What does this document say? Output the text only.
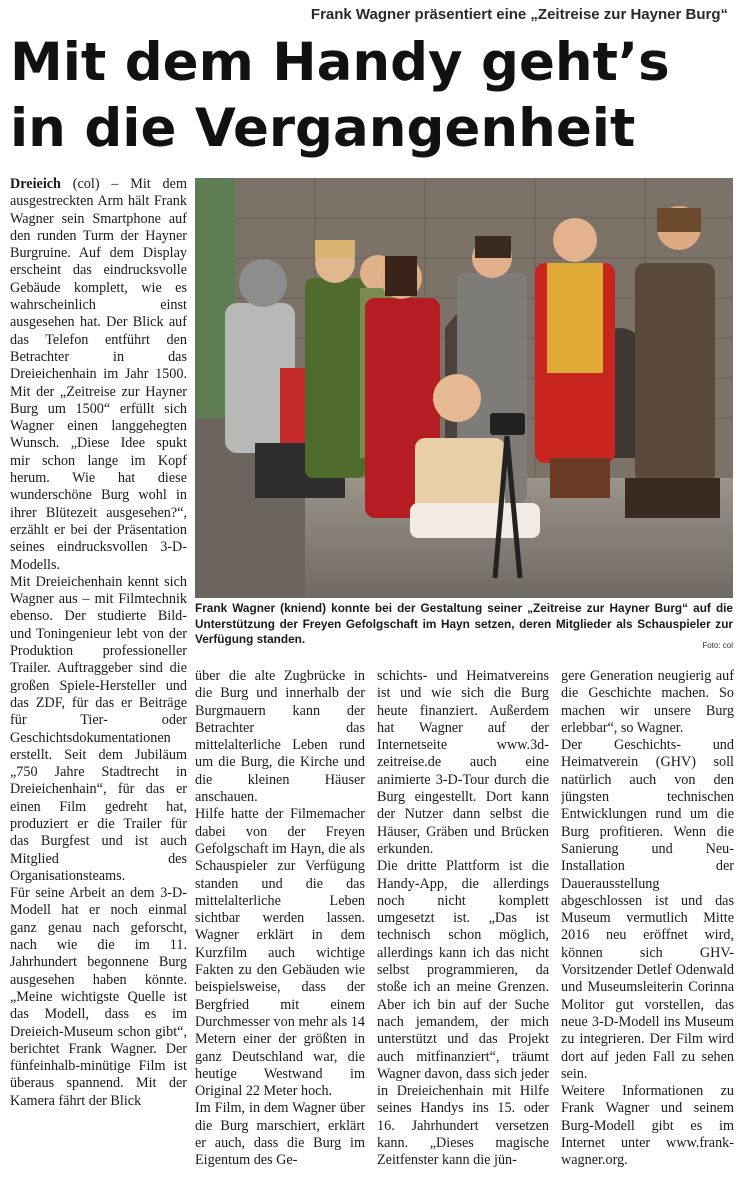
Frank Wagner präsentiert eine „Zeitreise zur Hayner Burg“
Mit dem Handy geht’s
in die Vergangenheit

Dreieich (col) – Mit dem ausgestreckten Arm hält Frank Wagner sein Smartphone auf den runden Turm der Hayner Burgruine. Auf dem Display erscheint das eindrucksvolle Gebäude komplett, wie es wahrscheinlich einst ausgesehen hat. Der Blick auf das Telefon entführt den Betrachter in das Dreieichenhain im Jahr 1500. Mit der „Zeitreise zur Hayner Burg um 1500“ erfüllt sich Wagner einen langgehegten Wunsch. „Diese Idee spukt mir schon lange im Kopf herum. Wie hat diese wunderschöne Burg wohl in ihrer Blütezeit ausgesehen?“, erzählt er bei der Präsentation seines eindrucksvollen 3-D-Modells.

Mit Dreieichenhain kennt sich Wagner aus – mit Filmtechnik ebenso. Der studierte Bild- und Toningenieur lebt von der Produktion professioneller Trailer. Auftraggeber sind die großen Spiele-Hersteller und das ZDF, für das er Beiträge für Tier- oder Geschichtsdokumentationen erstellt. Seit dem Jubiläum „750 Jahre Stadtrecht in Dreieichenhain“, für das er einen Film gedreht hat, produziert er die Trailer für das Burgfest und ist auch Mitglied des Organisationsteams.

Für seine Arbeit an dem 3-D-Modell hat er noch einmal ganz genau nach geforscht, nach wie die im 11. Jahrhundert begonnene Burg ausgesehen haben könnte. „Meine wichtigste Quelle ist das Modell, dass es im Dreieich-Museum schon gibt“, berichtet Frank Wagner. Der fünfeinhalb-minütige Film ist überaus spannend. Mit der Kamera fährt der Blick

Frank Wagner (kniend) konnte bei der Gestaltung seiner „Zeitreise zur Hayner Burg“ auf die Unterstützung der Freyen Gefolgschaft im Hayn setzen, deren Mitglieder als Schauspieler zur Verfügung standen.	Foto: col

über die alte Zugbrücke in die Burg und innerhalb der Burgmauern kann der Betrachter das mittelalterliche Leben rund um die Burg, die Kirche und die kleinen Häuser anschauen.

Hilfe hatte der Filmemacher dabei von der Freyen Gefolgschaft im Hayn, die als Schauspieler zur Verfügung standen und die das mittelalterliche Leben sichtbar werden lassen. Wagner erklärt in dem Kurzfilm auch wichtige Fakten zu den Gebäuden wie beispielsweise, dass der Bergfried mit einem Durchmesser von mehr als 14 Metern einer der größten in ganz Deutschland war, die heutige Westwand im Original 22 Meter hoch.

Im Film, in dem Wagner über die Burg marschiert, erklärt er auch, dass die Burg im Eigentum des Ge-

schichts- und Heimatvereins ist und wie sich die Burg heute finanziert. Außerdem hat Wagner auf der Internetseite www.3d-zeitreise.de auch eine animierte 3-D-Tour durch die Burg eingestellt. Dort kann der Nutzer dann selbst die Häuser, Gräben und Brücken erkunden.

Die dritte Plattform ist die Handy-App, die allerdings noch nicht komplett umgesetzt ist. „Das ist technisch schon möglich, allerdings kann ich das nicht selbst programmieren, da stoße ich an meine Grenzen. Aber ich bin auf der Suche nach jemandem, der mich unterstützt und das Projekt auch mitfinanziert“, träumt Wagner davon, dass sich jeder in Dreieichenhain mit Hilfe seines Handys ins 15. oder 16. Jahrhundert versetzen kann. „Dieses magische Zeitfenster kann die jün-

gere Generation neugierig auf die Geschichte machen. So machen wir unsere Burg erlebbar“, so Wagner.

Der Geschichts- und Heimatverein (GHV) soll natürlich auch von den jüngsten technischen Entwicklungen rund um die Burg profitieren. Wenn die Sanierung und Neu-Installation der Dauerausstellung abgeschlossen ist und das Museum vermutlich Mitte 2016 neu eröffnet wird, können sich GHV-Vorsitzender Detlef Odenwald und Museumsleiterin Corinna Molitor gut vorstellen, das neue 3-D-Modell ins Museum zu integrieren. Der Film wird dort auf jeden Fall zu sehen sein.

Weitere Informationen zu Frank Wagner und seinem Burg-Modell gibt es im Internet unter www.frank-wagner.org.
